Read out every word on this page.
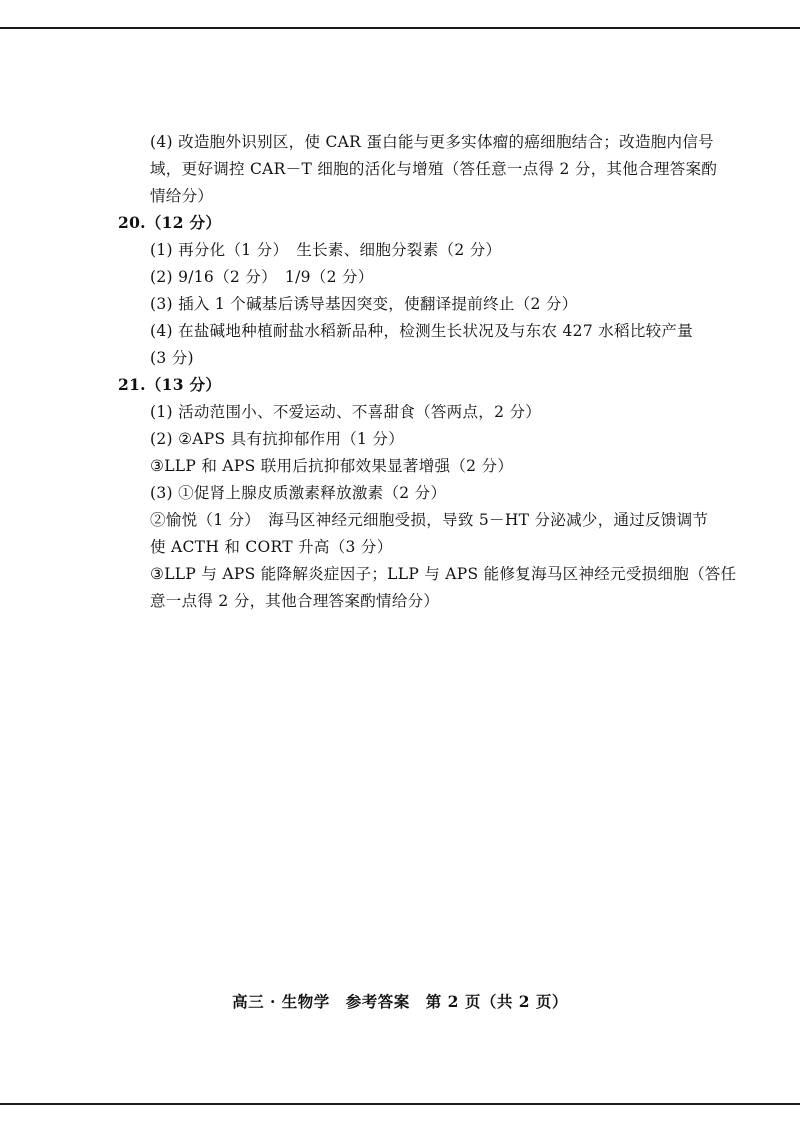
(4) 改造胞外识别区，使 CAR 蛋白能与更多实体瘤的癌细胞结合；改造胞内信号
域，更好调控 CAR－T 细胞的活化与增殖（答任意一点得 2 分，其他合理答案酌
情给分）
20.（12 分）
(1) 再分化（1 分）　生长素、细胞分裂素（2 分）
(2) 9/16（2 分）　1/9（2 分）
(3) 插入 1 个碱基后诱导基因突变，使翻译提前终止（2 分）
(4) 在盐碱地种植耐盐水稻新品种，检测生长状况及与东农 427 水稻比较产量
(3 分)
21.（13 分）
(1) 活动范围小、不爱运动、不喜甜食（答两点，2 分）
(2) ②APS 具有抗抑郁作用（1 分）
③LLP 和 APS 联用后抗抑郁效果显著增强（2 分）
(3) ①促肾上腺皮质激素释放激素（2 分）
②愉悦（1 分）　海马区神经元细胞受损，导致 5－HT 分泌减少，通过反馈调节
使 ACTH 和 CORT 升高（3 分）
③LLP 与 APS 能降解炎症因子；LLP 与 APS 能修复海马区神经元受损细胞（答任
意一点得 2 分，其他合理答案酌情给分）
高三 · 生物学　参考答案　第 2 页（共 2 页）
